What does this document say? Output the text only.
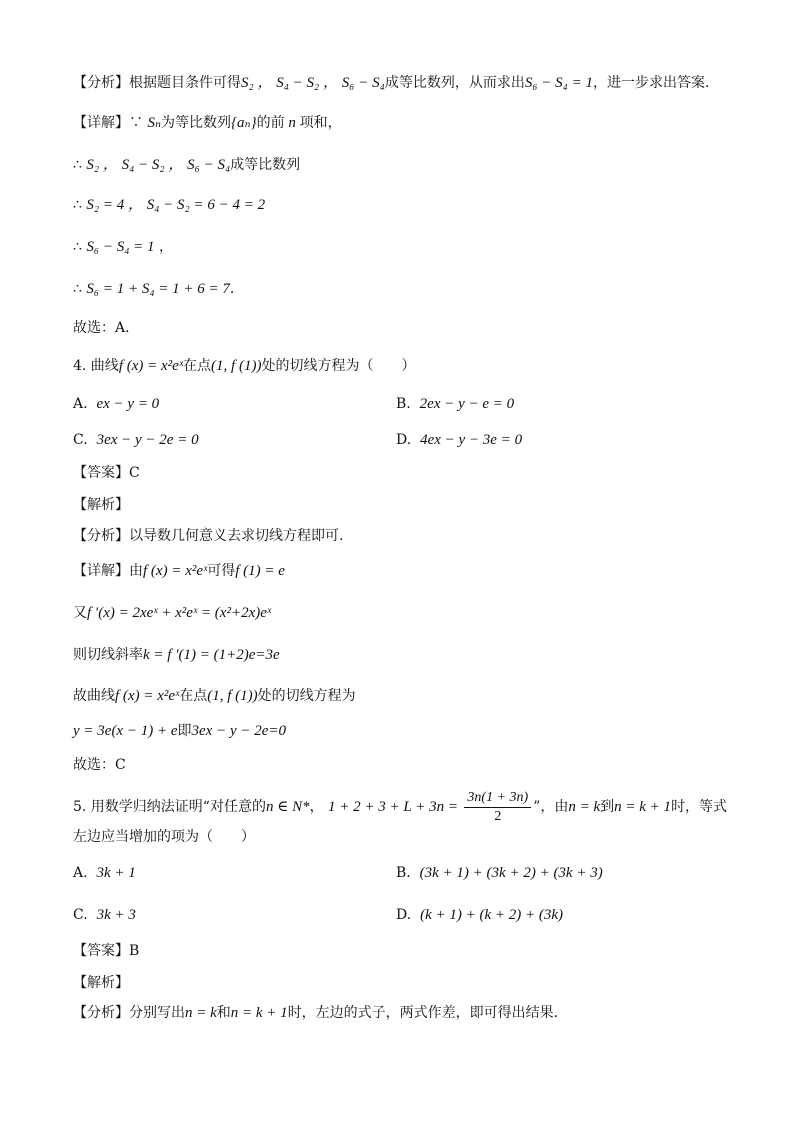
【分析】根据题目条件可得S₂ ， S₄ − S₂ ， S₆ − S₄成等比数列，从而求出S₆ − S₄ = 1，进一步求出答案.
【详解】∵ Sₙ为等比数列{aₙ}的前 n 项和，
∴ S₂ ， S₄ − S₂ ， S₆ − S₄成等比数列
∴ S₂ = 4 ， S₄ − S₂ = 6 − 4 = 2
∴ S₆ − S₄ = 1 ，
∴ S₆ = 1 + S₄ = 1 + 6 = 7.
故选：A.
4. 曲线f (x) = x²eˣ在点(1, f (1))处的切线方程为（　　）
A. ex − y = 0	B. 2ex − y − e = 0
C. 3ex − y − 2e = 0	D. 4ex − y − 3e = 0
【答案】C
【解析】
【分析】以导数几何意义去求切线方程即可.
【详解】由f (x) = x²eˣ可得f (1) = e
又f ′(x) = 2xeˣ + x²eˣ = (x²+2x)eˣ
则切线斜率k = f ′(1) = (1+2)e=3e
故曲线f (x) = x²eˣ在点(1, f (1))处的切线方程为
y = 3e(x − 1) + e即3ex − y − 2e=0
故选：C
5. 用数学归纳法证明“对任意的n ∈ N*， $1 + 2 + 3 + L + 3n = \frac{3n(1 + 3n)}{2}$ ”，由n = k到n = k + 1时，等式
左边应当增加的项为（　　）
A. 3k + 1	B. (3k + 1) + (3k + 2) + (3k + 3)
C. 3k + 3	D. (k + 1) + (k + 2) + (3k)
【答案】B
【解析】
【分析】分别写出n = k和n = k + 1时，左边的式子，两式作差，即可得出结果.
